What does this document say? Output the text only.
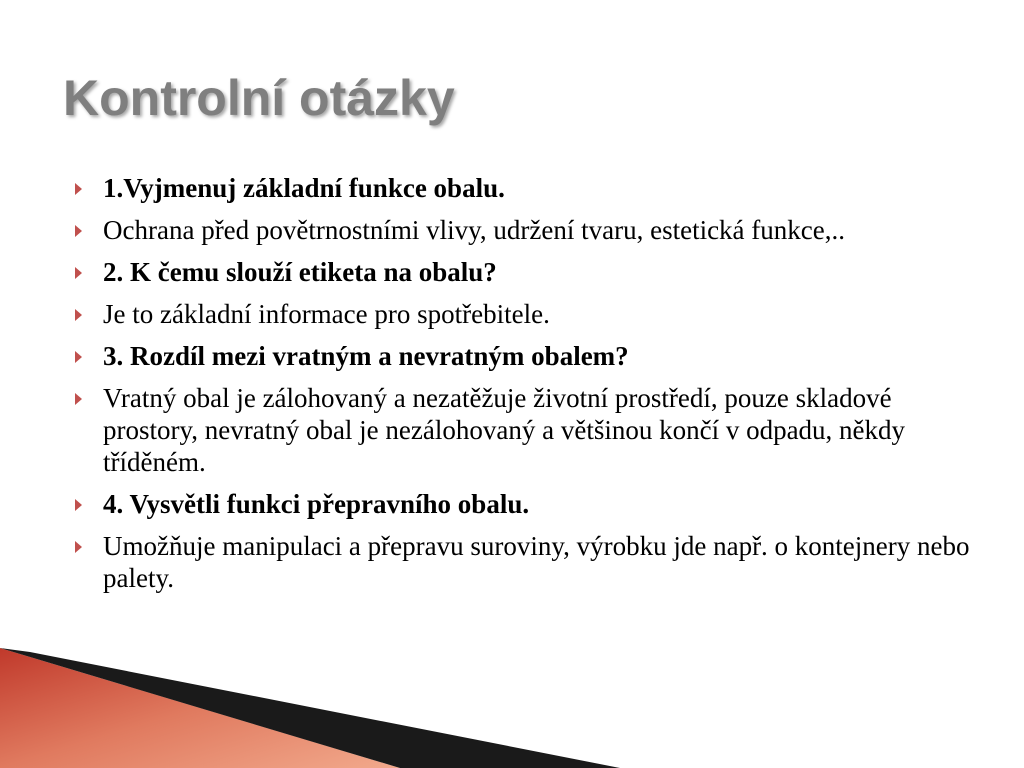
Kontrolní otázky
1.Vyjmenuj základní funkce obalu.
Ochrana před povětrnostními vlivy, udržení tvaru, estetická funkce,..
2. K čemu slouží etiketa na obalu?
Je to základní informace pro spotřebitele.
3. Rozdíl mezi vratným a nevratným obalem?
Vratný obal je zálohovaný a nezatěžuje životní prostředí, pouze skladové prostory, nevratný obal je nezálohovaný a většinou končí v odpadu, někdy tříděném.
4. Vysvětli funkci přepravního obalu.
Umožňuje manipulaci a přepravu suroviny, výrobku jde např. o kontejnery nebo palety.
